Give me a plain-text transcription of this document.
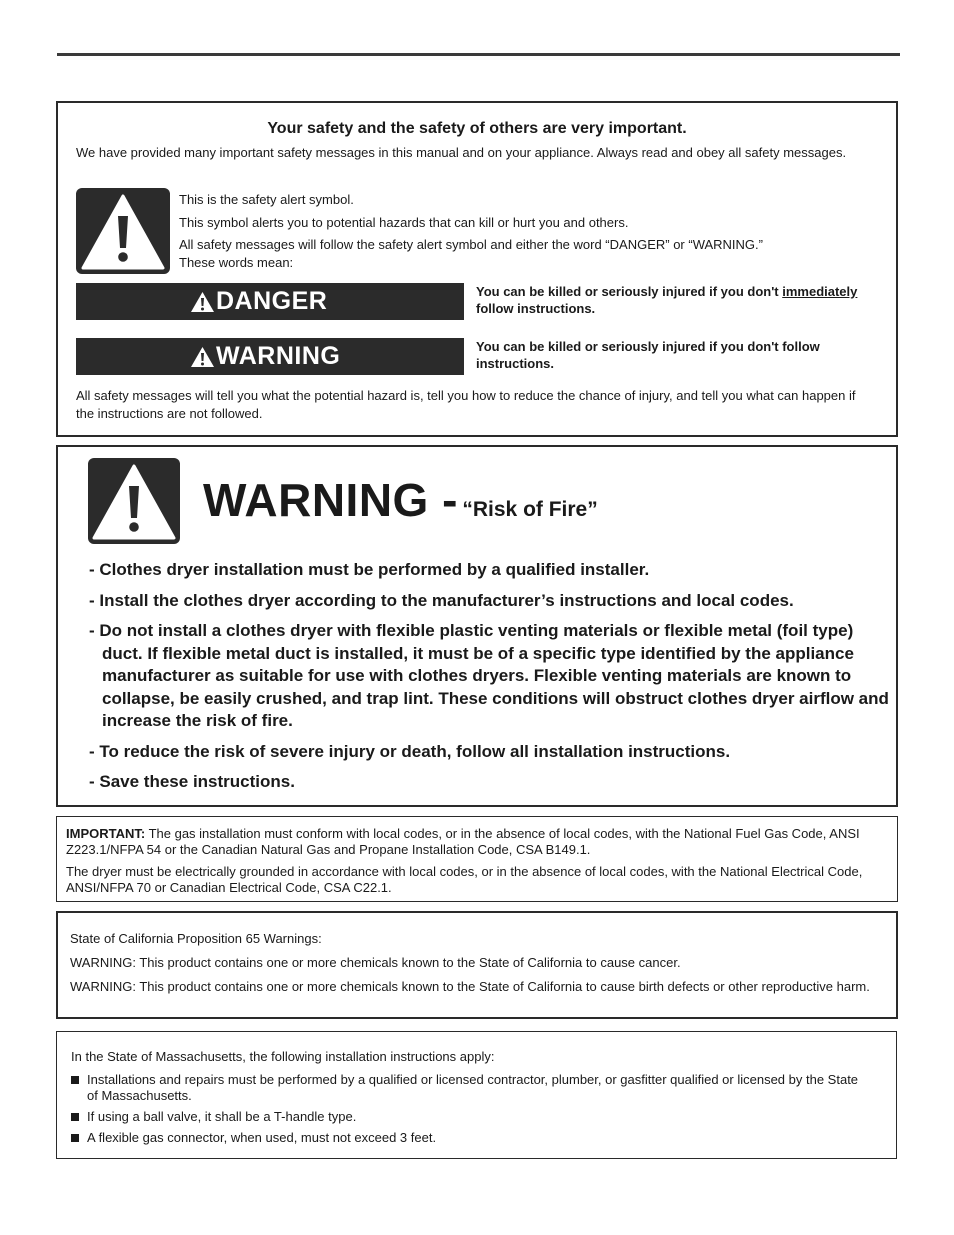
Your safety and the safety of others are very important.
We have provided many important safety messages in this manual and on your appliance. Always read and obey all safety messages.
This is the safety alert symbol.
This symbol alerts you to potential hazards that can kill or hurt you and others.
All safety messages will follow the safety alert symbol and either the word “DANGER” or “WARNING.”
These words mean:
DANGER	You can be killed or seriously injured if you don't immediately
follow instructions.
WARNING	You can be killed or seriously injured if you don't follow
instructions.
All safety messages will tell you what the potential hazard is, tell you how to reduce the chance of injury, and tell you what can happen if the instructions are not followed.
WARNING - “Risk of Fire”
- Clothes dryer installation must be performed by a qualified installer.
- Install the clothes dryer according to the manufacturer’s instructions and local codes.
- Do not install a clothes dryer with flexible plastic venting materials or flexible metal (foil type) duct. If flexible metal duct is installed, it must be of a specific type identified by the appliance manufacturer as suitable for use with clothes dryers. Flexible venting materials are known to collapse, be easily crushed, and trap lint. These conditions will obstruct clothes dryer airflow and increase the risk of fire.
- To reduce the risk of severe injury or death, follow all installation instructions.
- Save these instructions.

IMPORTANT: The gas installation must conform with local codes, or in the absence of local codes, with the National Fuel Gas Code, ANSI Z223.1/NFPA 54 or the Canadian Natural Gas and Propane Installation Code, CSA B149.1.

The dryer must be electrically grounded in accordance with local codes, or in the absence of local codes, with the National Electrical Code, ANSI/NFPA 70 or Canadian Electrical Code, CSA C22.1.

State of California Proposition 65 Warnings:

WARNING: This product contains one or more chemicals known to the State of California to cause cancer.

WARNING: This product contains one or more chemicals known to the State of California to cause birth defects or other reproductive harm.

In the State of Massachusetts, the following installation instructions apply:
Installations and repairs must be performed by a qualified or licensed contractor, plumber, or gasfitter qualified or licensed by the State of Massachusetts.
If using a ball valve, it shall be a T-handle type.
A flexible gas connector, when used, must not exceed 3 feet.
